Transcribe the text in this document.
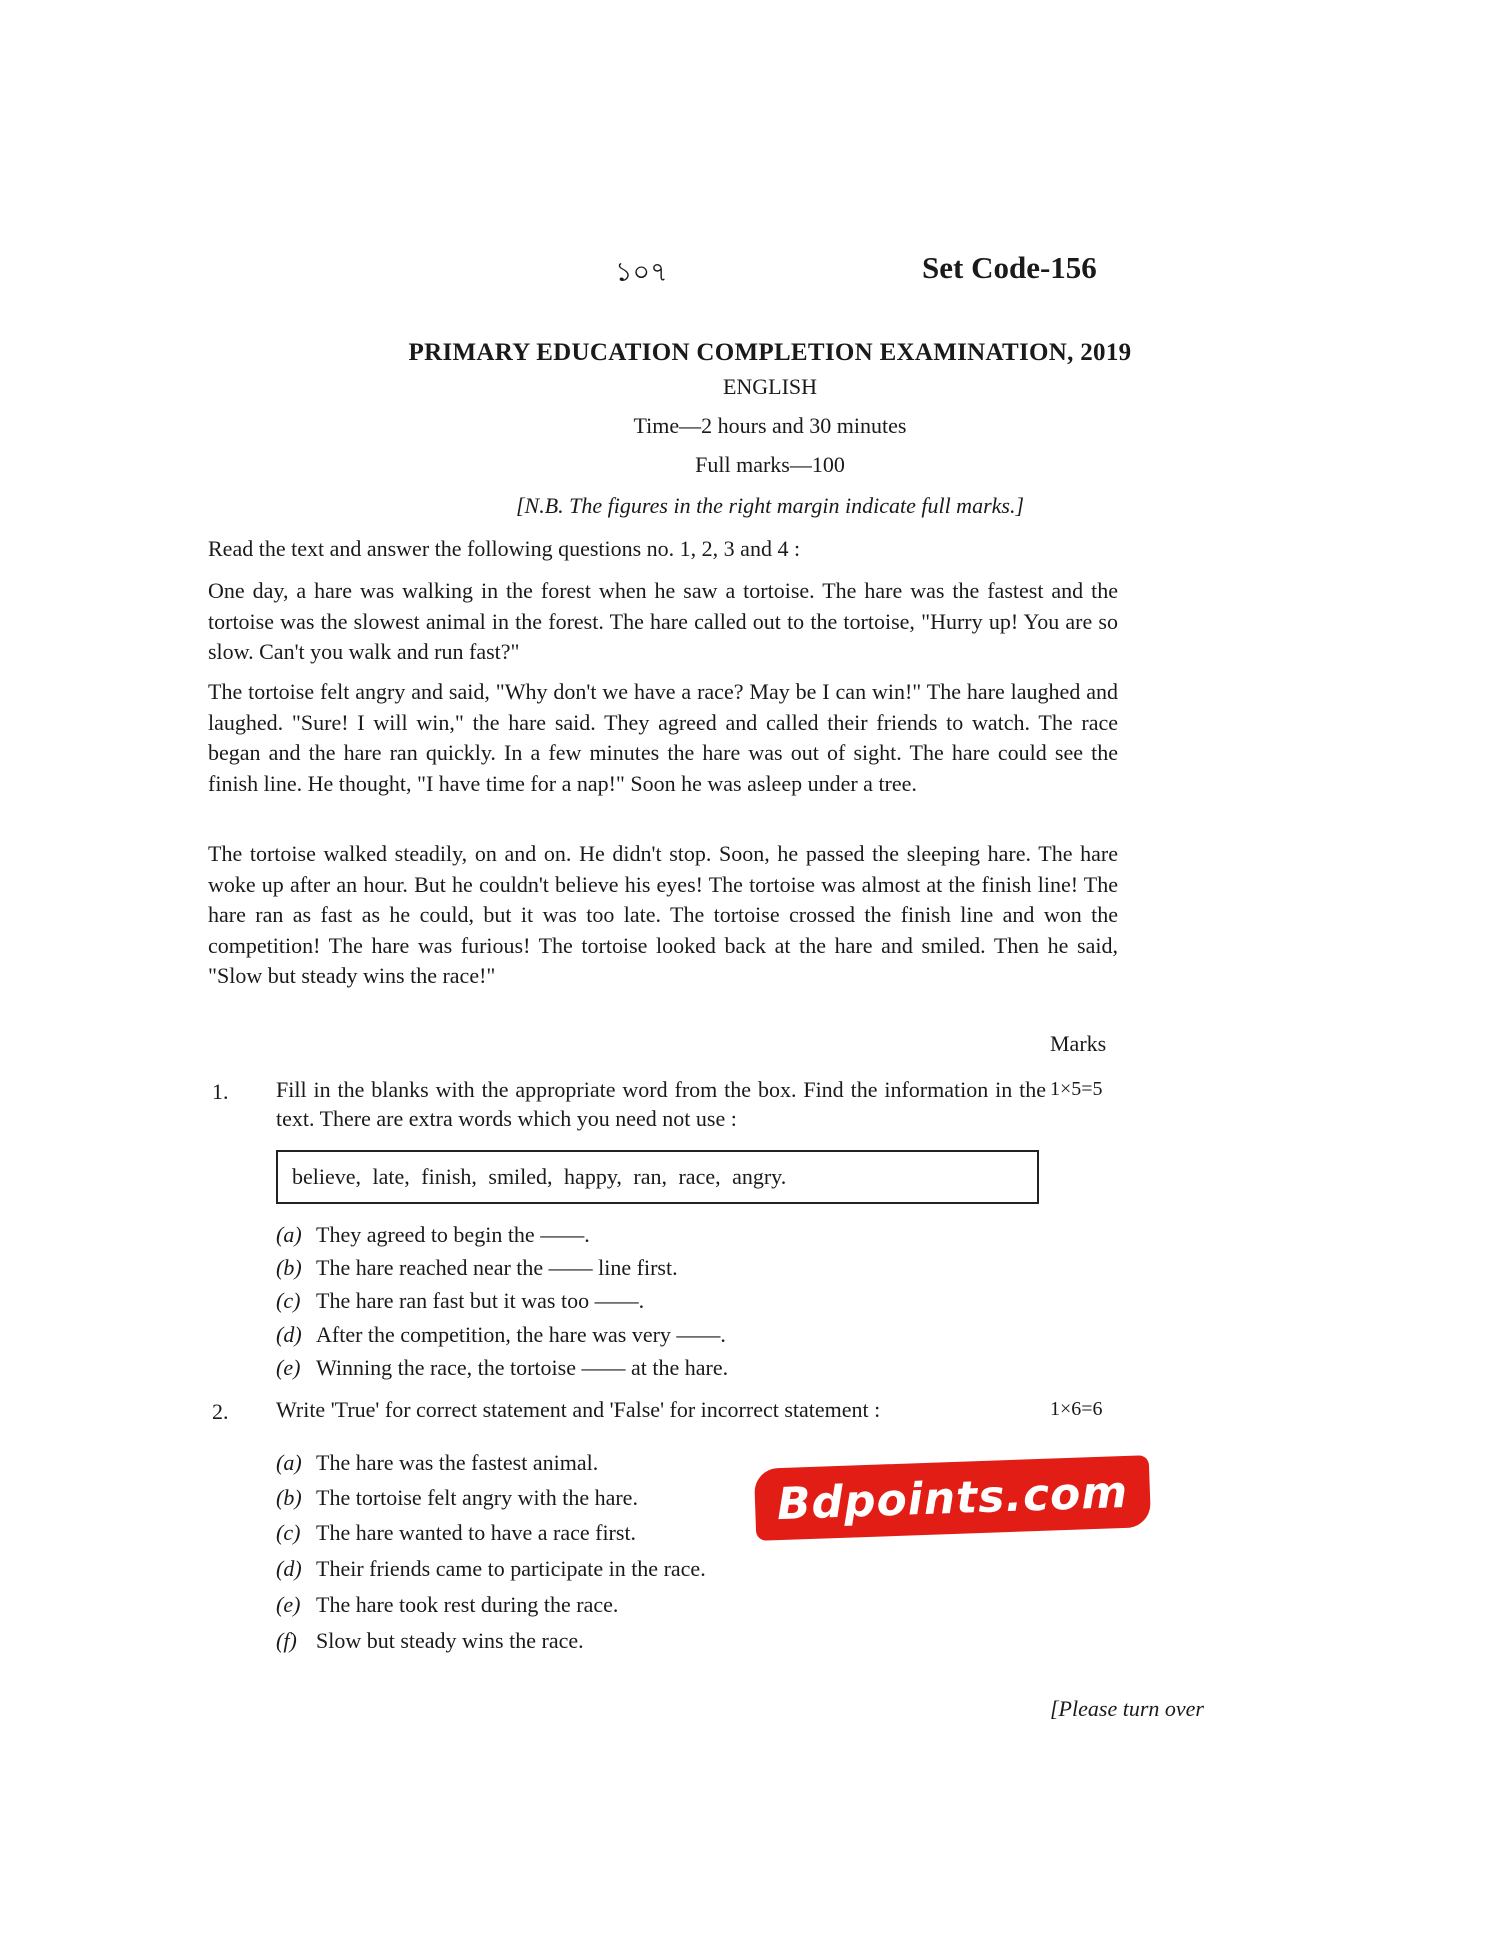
১০৭	Set Code-156
PRIMARY EDUCATION COMPLETION EXAMINATION, 2019
ENGLISH
Time—2 hours and 30 minutes
Full marks—100
[N.B. The figures in the right margin indicate full marks.]
Read the text and answer the following questions no. 1, 2, 3 and 4 :
One day, a hare was walking in the forest when he saw a tortoise. The hare was the fastest and the tortoise was the slowest animal in the forest. The hare called out to the tortoise, "Hurry up! You are so slow. Can't you walk and run fast?"
The tortoise felt angry and said, "Why don't we have a race? May be I can win!" The hare laughed and laughed. "Sure! I will win," the hare said. They agreed and called their friends to watch. The race began and the hare ran quickly. In a few minutes the hare was out of sight. The hare could see the finish line. He thought, "I have time for a nap!" Soon he was asleep under a tree.
The tortoise walked steadily, on and on. He didn't stop. Soon, he passed the sleeping hare. The hare woke up after an hour. But he couldn't believe his eyes! The tortoise was almost at the finish line! The hare ran as fast as he could, but it was too late. The tortoise crossed the finish line and won the competition! The hare was furious! The tortoise looked back at the hare and smiled. Then he said, "Slow but steady wins the race!"
Marks
1. Fill in the blanks with the appropriate word from the box. Find the information in the text. There are extra words which you need not use :
1×5=5
believe, late, finish, smiled, happy, ran, race, angry.
(a) They agreed to begin the ——.
(b) The hare reached near the —— line first.
(c) The hare ran fast but it was too ——.
(d) After the competition, the hare was very ——.
(e) Winning the race, the tortoise —— at the hare.
2. Write 'True' for correct statement and 'False' for incorrect statement :	1×6=6
(a) The hare was the fastest animal.
(b) The tortoise felt angry with the hare.
(c) The hare wanted to have a race first.
(d) Their friends came to participate in the race.
(e) The hare took rest during the race.
(f) Slow but steady wins the race.
Bdpoints.com
[Please turn over
